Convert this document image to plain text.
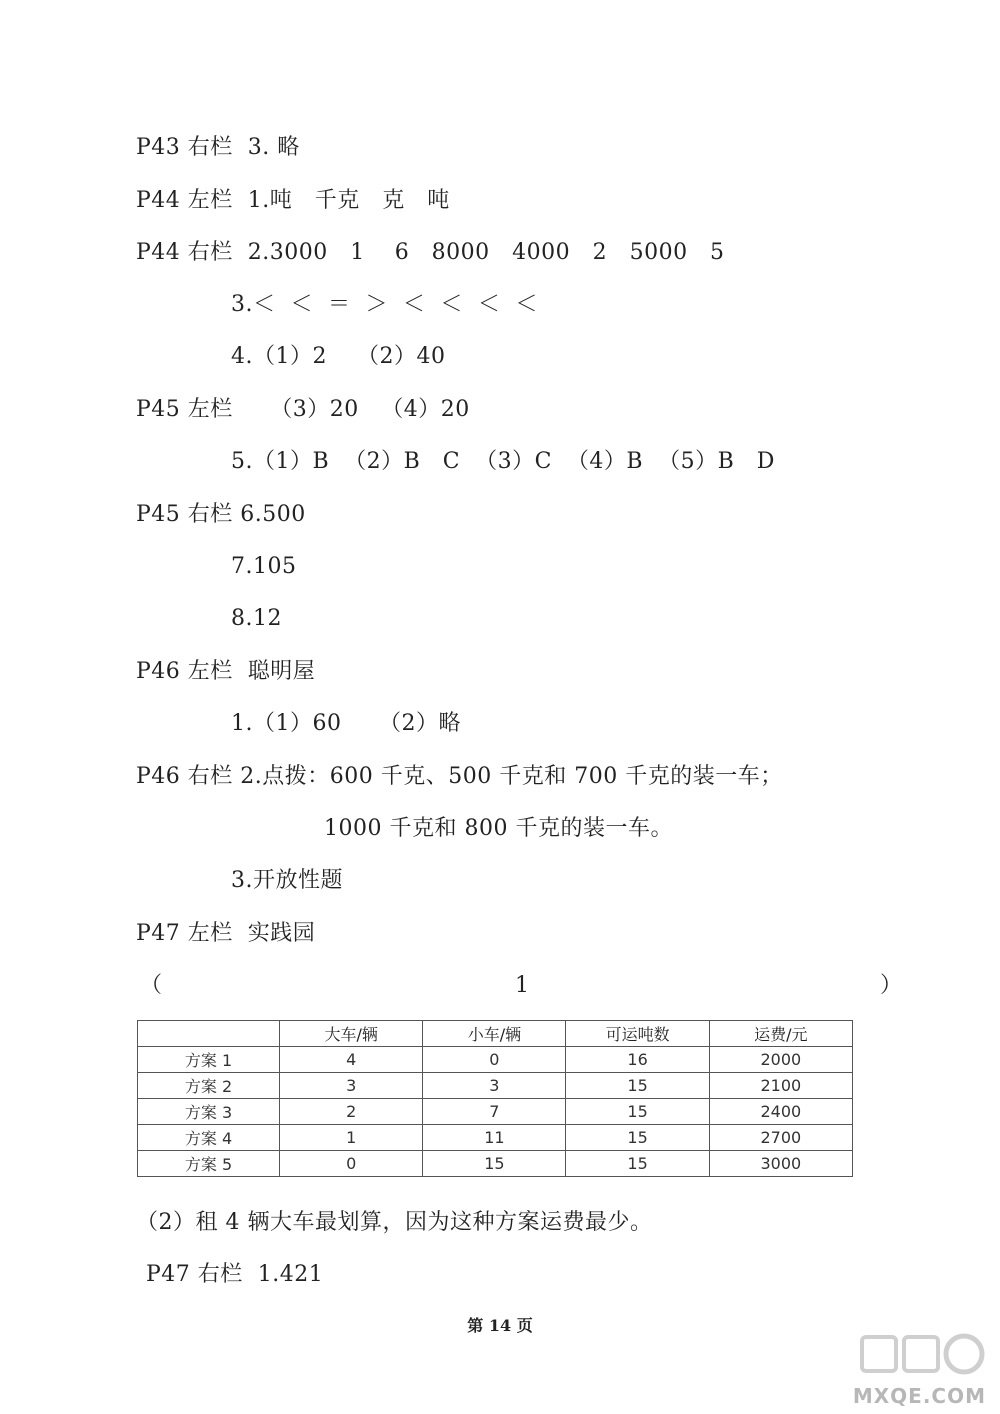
P43 右栏  3. 略
P44 左栏  1.吨   千克   克   吨
P44 右栏  2.3000   1    6   8000   4000   2   5000   5
3.＜  ＜  ＝  ＞  ＜  ＜  ＜  ＜
4.（1）2    （2）40
P45 左栏     （3）20   （4）20
5.（1）B  （2）B   C  （3）C  （4）B  （5）B   D
P45 右栏 6.500
7.105
8.12
P46 左栏  聪明屋
1.（1）60     （2）略
P46 右栏 2.点拨：600 千克、500 千克和 700 千克的装一车；
1000 千克和 800 千克的装一车。
3.开放性题
P47 左栏  实践园
（	1	）
	大车/辆	小车/辆	可运吨数	运费/元
方案 1	4	0	16	2000
方案 2	3	3	15	2100
方案 3	2	7	15	2400
方案 4	1	11	15	2700
方案 5	0	15	15	3000
（2）租 4 辆大车最划算，因为这种方案运费最少。
P47 右栏  1.421
第 14 页
MXQE.COM
